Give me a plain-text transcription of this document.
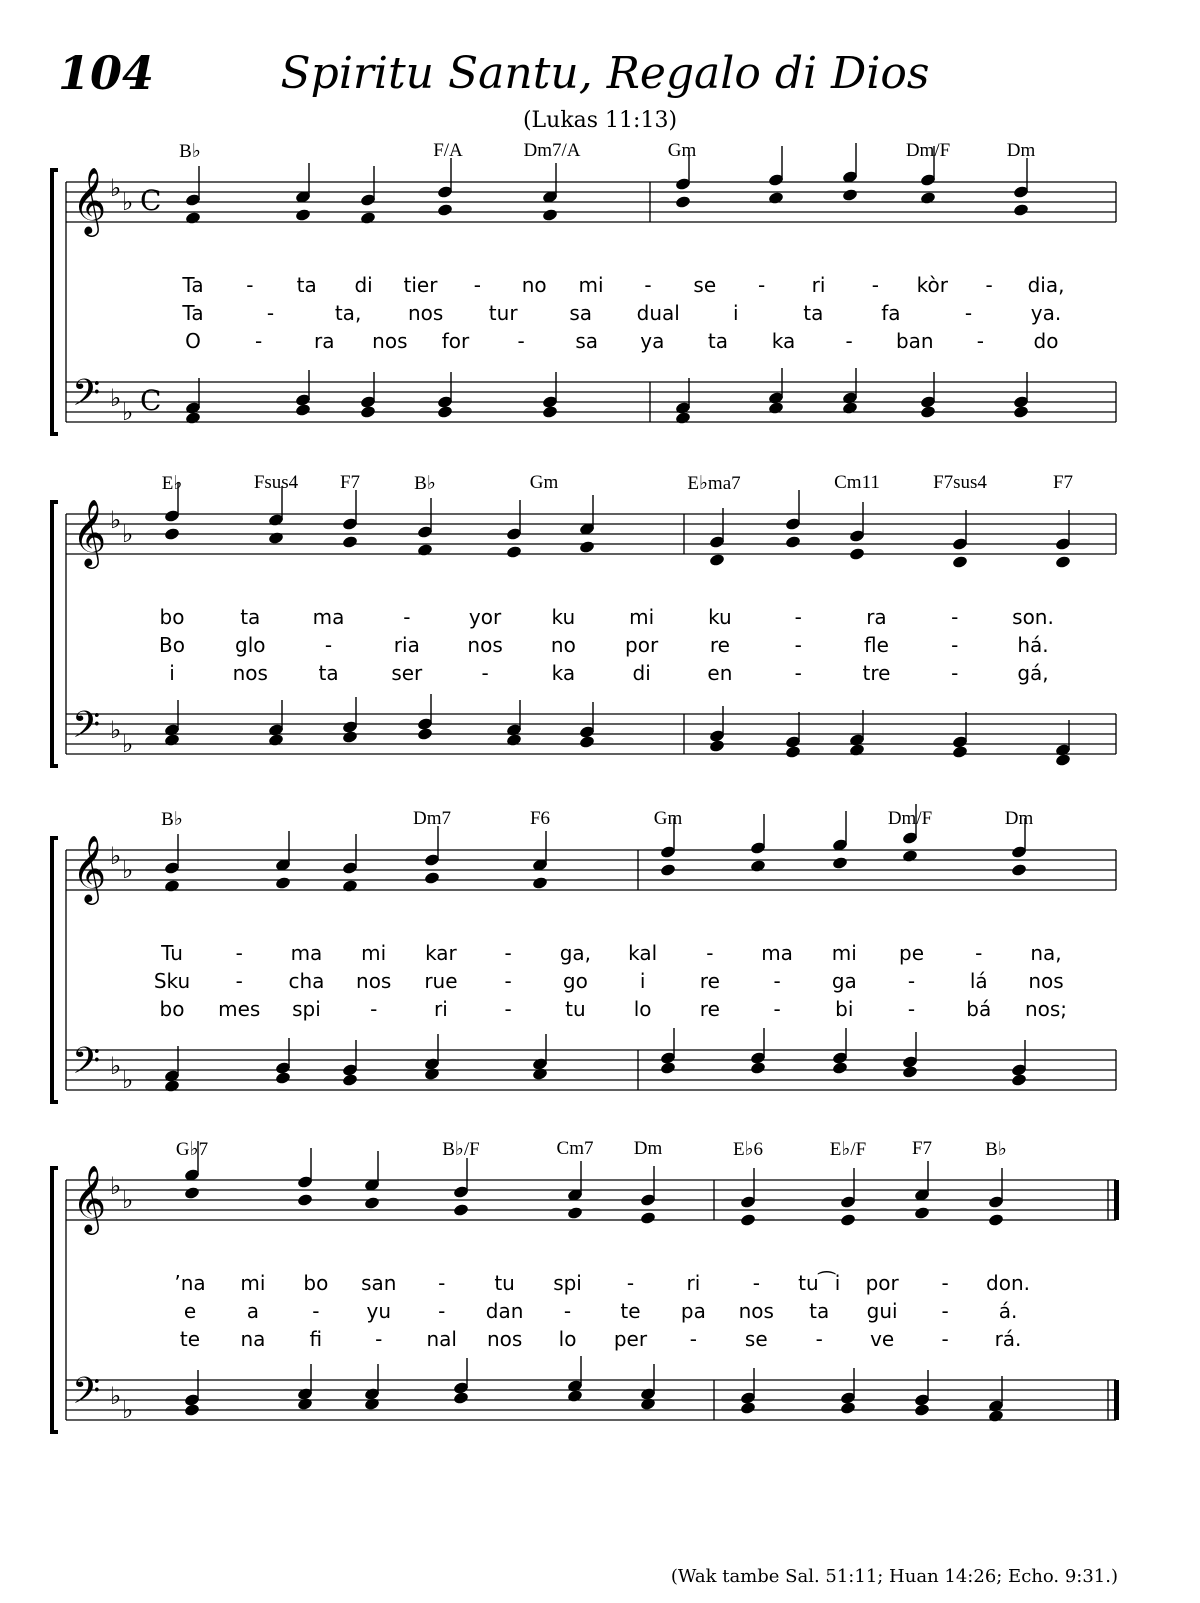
104	Spiritu Santu, Regalo di Dios
(Lukas 11:13)
𝄞
𝄢
♭ ♭
♭ ♭
C
C
B♭	F/A	Dm7/A	Gm	Dm/F	Dm
Ta - ta di tier - no mi - se - ri - kòr - dia,
Ta	-	ta, nos tur	sa dual	i	ta	fa	-	ya.
O	-	ra nos for -	sa ya ta ka	- ban - do
𝄞
𝄢
♭ ♭
♭ ♭
E♭	Fsus4 F7	B♭	Gm	E♭ma7	Cm11	F7sus4	F7
bo	ta	ma	-	yor	ku	mi	ku	-	ra	-	son.
Bo	glo	-	ria nos no por	re	-	fle	-	há.
i	nos	ta	ser	-	ka	di	en	-	tre	-	gá,
𝄞
𝄢
♭ ♭
♭ ♭
B♭	Dm7	F6	Gm	Dm/F	Dm
Tu	- ma mi kar - ga, kal - ma mi pe	- na,
Sku - cha nos rue -	go	i	re	-	ga	-	lá nos
bo mes spi -	ri	-	tu lo re	-	bi	-	bá nos;
𝄞
𝄢
♭ ♭
♭ ♭
G♭7	B♭/F	Cm7 Dm	E♭6	E♭/F F7	B♭
’na mi bo san - tu spi -	ri	- tu⁀i por - don.
e	a	- yu - dan - te pa nos ta gui -	á.
te na fi	- nal nos lo per - se - ve - rá.
(Wak tambe Sal. 51:11; Huan 14:26; Echo. 9:31.)
